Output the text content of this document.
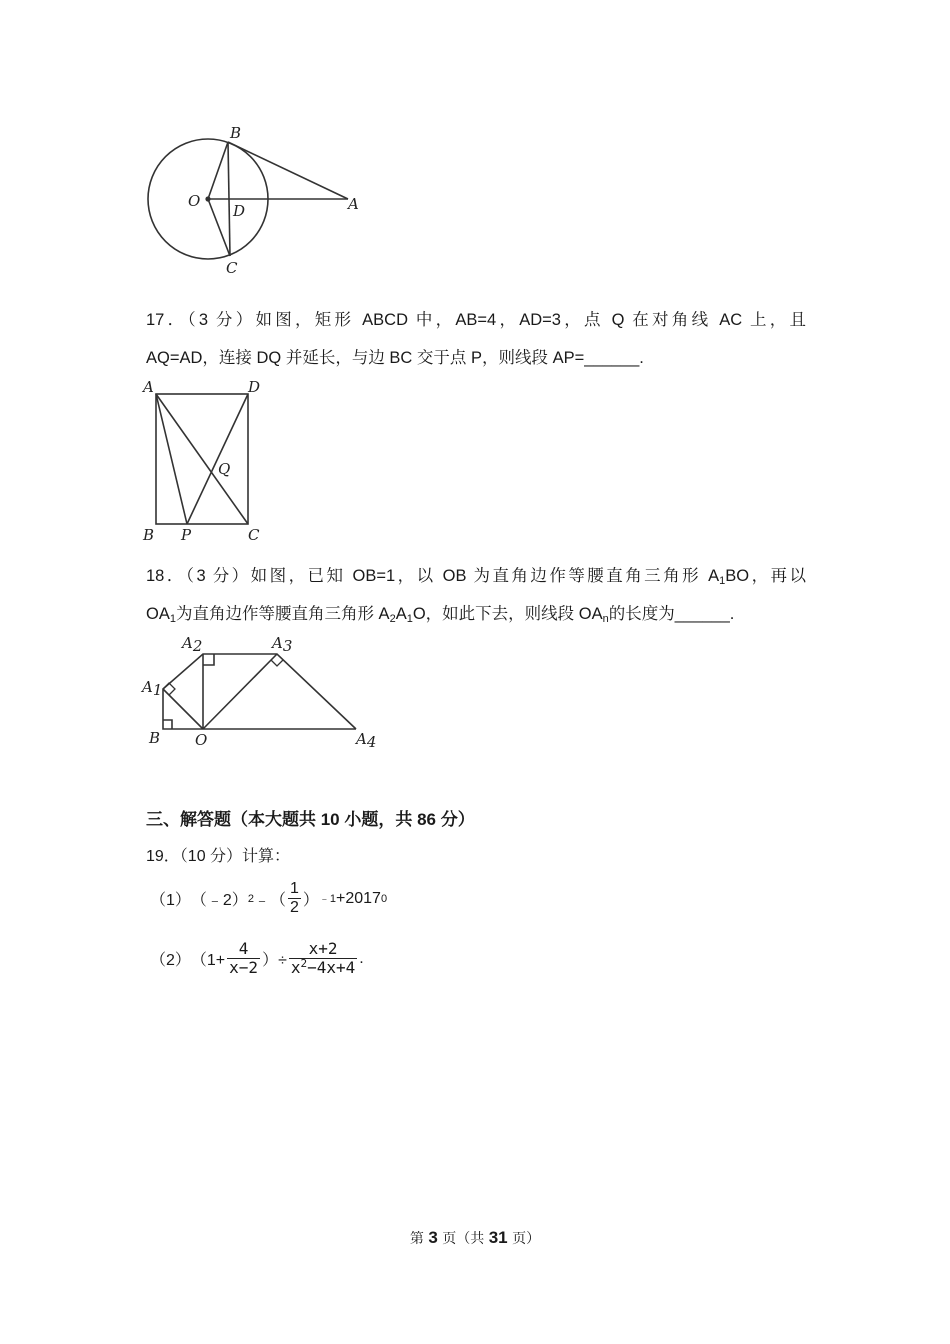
B
O
D	A
C

17．（3 分）如图，矩形 ABCD 中，AB=4，AD=3，点 Q 在对角线 AC 上，且

AQ=AD，连接 DQ 并延长，与边 BC 交于点 P，则线段 AP=______.

A	D
Q
B P	C

18．（3 分）如图，已知 OB=1，以 OB 为直角边作等腰直角三角形 $A_1BO$，再以

$OA_1$为直角边作等腰直角三角形 $A_2A_1O$，如此下去，则线段 $OA_n$的长度为______.

A2	A3
A1
B O	A4
三、解答题（本大题共 10 小题，共 86 分）
19．（10 分）计算：
（1） （﹣2） 2 ﹣（ $\frac{1}{2}$ ） ﹣1 +2017 0
（2） （$1+ \frac{4}{x-2}$ ）÷ $\frac{x+2}{x^2-4x+4}$ .
第 3 页（共 31 页）
